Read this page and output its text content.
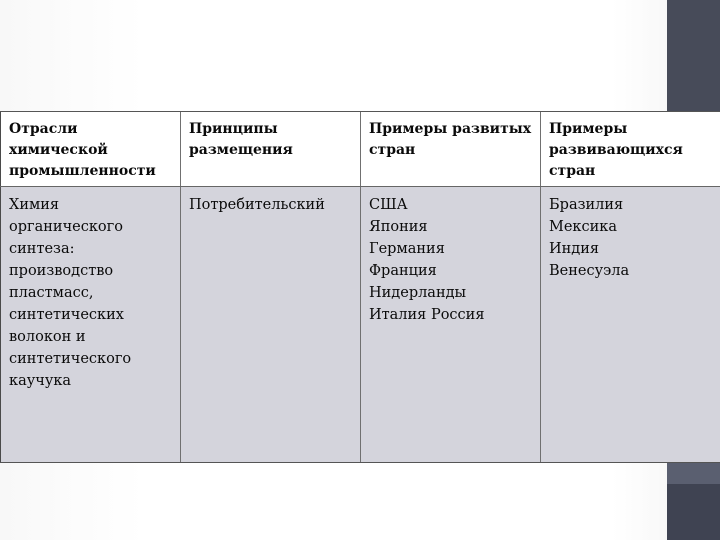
Отрасли
химической
промышленности
Принципы
размещения
Примеры развитых
стран
Примеры
развивающихся
стран
Химия
органического
синтеза:
производство
пластмасс,
синтетических
волокон и
синтетического
каучука
Потребительский	США
Япония
Германия
Франция
Нидерланды
Италия Россия
Бразилия
Мексика
Индия
Венесуэла
